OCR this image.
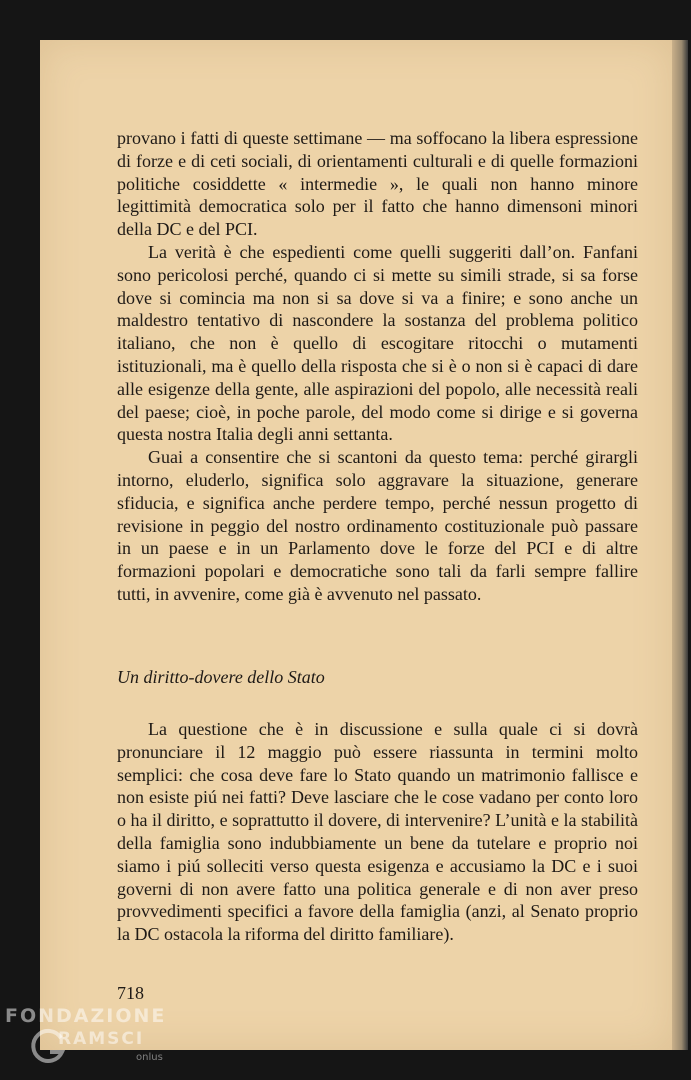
provano i fatti di queste settimane — ma soffocano la libera espressione di forze e di ceti sociali, di orientamenti culturali e di quelle formazioni politiche cosiddette « intermedie », le quali non hanno minore legittimità democratica solo per il fatto che hanno dimensoni minori della DC e del PCI.

La verità è che espedienti come quelli suggeriti dall’on. Fanfani sono pericolosi perché, quando ci si mette su simili strade, si sa forse dove si comincia ma non si sa dove si va a finire; e sono anche un maldestro tentativo di nascondere la sostanza del problema politico italiano, che non è quello di escogitare ritocchi o mutamenti istituzionali, ma è quello della risposta che si è o non si è capaci di dare alle esigenze della gente, alle aspirazioni del popolo, alle necessità reali del paese; cioè, in poche parole, del modo come si dirige e si governa questa nostra Italia degli anni settanta.

Guai a consentire che si scantoni da questo tema: perché girargli intorno, eluderlo, significa solo aggravare la situazione, generare sfiducia, e significa anche perdere tempo, perché nessun progetto di revisione in peggio del nostro ordinamento costituzionale può passare in un paese e in un Parlamento dove le forze del PCI e di altre formazioni popolari e democratiche sono tali da farli sempre fallire tutti, in avvenire, come già è avvenuto nel passato.

Un diritto-dovere dello Stato

La questione che è in discussione e sulla quale ci si dovrà pronunciare il 12 maggio può essere riassunta in termini molto semplici: che cosa deve fare lo Stato quando un matrimonio fallisce e non esiste piú nei fatti? Deve lasciare che le cose vadano per conto loro o ha il diritto, e soprattutto il dovere, di intervenire? L’unità e la stabilità della famiglia sono indubbiamente un bene da tutelare e proprio noi siamo i piú solleciti verso questa esigenza e accusiamo la DC e i suoi governi di non avere fatto una politica generale e di non aver preso provvedimenti specifici a favore della famiglia (anzi, al Senato proprio la DC ostacola la riforma del diritto familiare).

718
FONDAZIONE
RAMSCI
onlus
